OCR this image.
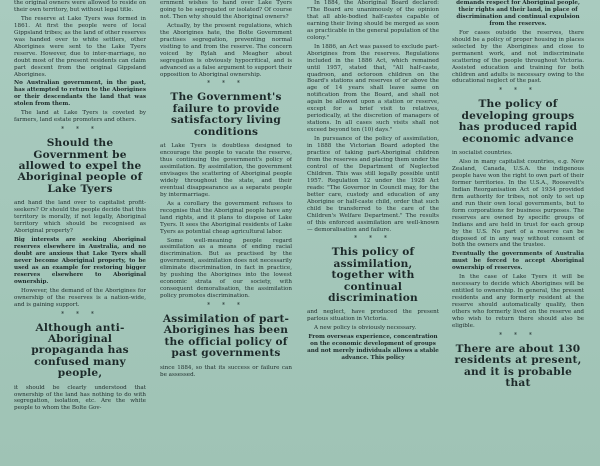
the original owners were allowed to reside on their own territory, but without legal title.

The reserve at Lake Tyers was formed in 1861. At first the people were of local Gippsland tribes; as the land of other reserves was handed over to white settlers, other Aborigines were sent to the Lake Tyers reserve. However, due to inter-marriage, no doubt most of the present residents can claim part descent from the original Gippsland Aborigines.

No Australian government, in the past, has attempted to return to the Aborigines or their descendants the land that was stolen from them.

The land at Lake Tyers is coveted by farmers, land estate promoters and others.

* * *
Should the Government be allowed to expel the Aboriginal people of Lake Tyers

and hand the land over to capitalist profit-seekers? Or should the people decide that this territory is morally, if not legally, Aboriginal territory which should be recognised as Aboriginal property?

Big interests are seeking Aboriginal reserves elsewhere in Australia, and no doubt are anxious that Lake Tyers shall never become Aboriginal property, to be used as an example for restoring bigger reserves elsewhere to Aboriginal ownership.

However, the demand of the Aborigines for ownership of the reserves is a nation-wide, and is gaining support.

* * *
Although anti-Aboriginal propaganda has confused many people,

it should be clearly understood that ownership of the land has nothing to do with segregation, isolation, etc. Are the white people to whom the Bolte Gov-

ernment wishes to hand over Lake Tyers going to be segregated or isolated? Of course not. Then why should the Aboriginal owners?

Actually, by the present regulations, which the Aborigines hate, the Bolte Government practises segregation, preventing normal visiting to and from the reserve. The concern voiced by Rylah and Meagher about segregation is obviously hypocritical, and is advanced as a false argument to support their opposition to Aboriginal ownership.

* * *
The Government's failure to provide satisfactory living conditions

at Lake Tyers is doubtless designed to encourage the people to vacate the reserve, thus continuing the government's policy of assimilation. By assimilation, the government envisages the scattering of Aboriginal people widely throughout the state, and their eventual disappearance as a separate people by intermarriage.

As a corollary the government refuses to recognise that the Aboriginal people have any land rights, and it plans to dispose of Lake Tyers. It sees the Aboriginal residents of Lake Tyers as potential cheap agricultural labor.

Some well-meaning people regard assimilation as a means of ending racial discrimination. But as practised by the government, assimilation does not necessarily eliminate discrimination, in fact in practice, by pushing the Aborigines into the lowest economic strata of our society, with consequent demoralisation, the assimilation policy promotes discrimination.

* * *
Assimilation of part-Aborigines has been the official policy of past governments

since 1884, so that its success or failure can be assessed.

In 1884, the Aboriginal Board declared: "The Board are unanimously of the opinion that all able-bodied half-castes capable of earning their living should be merged as soon as practicable in the general population of the colony."

In 1886, an Act was passed to exclude part-Aborigines from the reserves. Regulations included in the 1886 Act, which remained until 1957, stated that, "All half-caste, quadroon, and octoroon children on the Board's stations and reserves of or above the age of 14 years shall leave same on notification from the Board, and shall not again be allowed upon a station or reserve, except for a brief visit to relatives, periodically, at the discretion of managers of stations. In all cases such visits shall not exceed beyond ten (10) days."

In pursuance of the policy of assimilation, in 1888 the Victorian Board adopted the practice of taking part-Aboriginal children from the reserves and placing them under the control of the Department of Neglected Children. This was still legally possible until 1957. Regulation 12 under the 1928 Act reads: "The Governor in Council may, for the better care, custody and education of any Aborigine or half-caste child, order that such child be transferred to the care of the Children's Welfare Department." The results of this enforced assimilation are well-known — demoralisation and failure.

* * *
This policy of assimilation, together with continual discrimination

and neglect, have produced the present parlous situation in Victoria.

A new policy is obviously necessary.

From overseas experience, concentration on the economic development of groups and not merely individuals allows a stable advance. This policy

demands respect for Aboriginal people, their rights and their land, in place of discrimination and continual expulsion from the reserves.

For cases outside the reserves, there should be a policy of proper housing in places selected by the Aborigines and close to permanent work, and not indiscriminate scattering of the people throughout Victoria. Assisted education and training for both children and adults is necessary owing to the educational neglect of the past.

* * *
The policy of developing groups has produced rapid economic advance

in socialist countries.

Also in many capitalist countries, e.g. New Zealand, Canada, U.S.A. the indigenous people have won the right to own part of their former territories. In the U.S.A., Roosevelt's Indian Reorganisation Act of 1934 provided firm authority for tribes, not only to set up and run their own local governments, but to form corporations for business purposes. The reserves are owned by specific groups of Indians and are held in trust for each group by the U.S. No part of a reserve can be disposed of in any way without consent of both the owners and the trustee.

Eventually the governments of Australia must be forced to accept Aboriginal ownership of reserves.

In the case of Lake Tyers it will be necessary to decide which Aborigines will be entitled to ownership. In general, the present residents and any formerly resident at the reserve should automatically qualify, then others who formerly lived on the reserve and who wish to return there should also be eligible.

* * *
There are about 130 residents at present, and it is probable that
